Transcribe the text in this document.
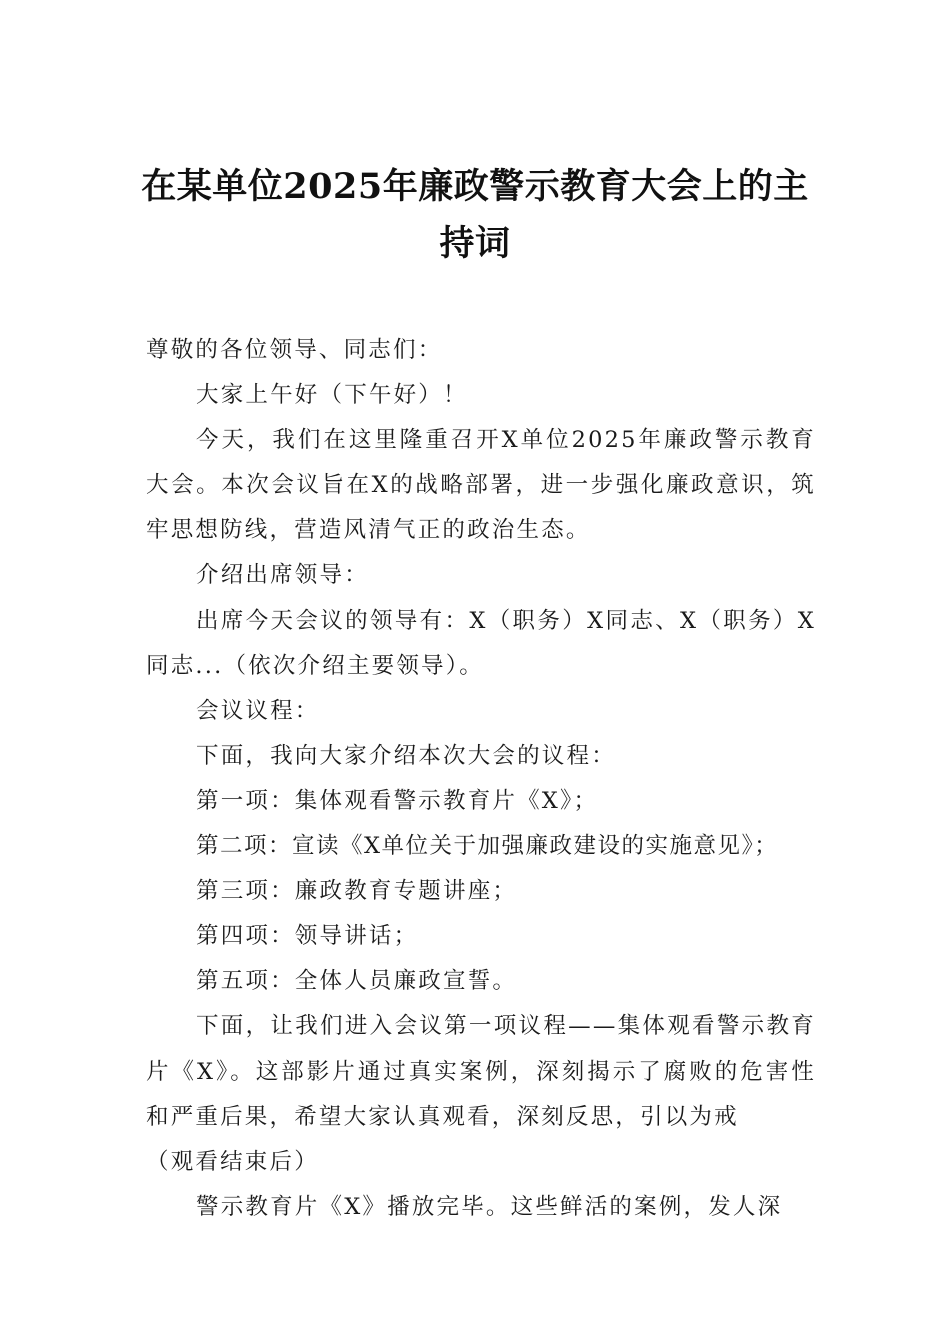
在某单位2025年廉政警示教育大会上的主持词

尊敬的各位领导、同志们：

大家上午好（下午好）！

今天，我们在这里隆重召开X单位2025年廉政警示教育大会。本次会议旨在X的战略部署，进一步强化廉政意识，筑牢思想防线，营造风清气正的政治生态。

介绍出席领导：

出席今天会议的领导有：X（职务）X同志、X（职务）X同志...（依次介绍主要领导）。

会议议程：

下面，我向大家介绍本次大会的议程：

第一项：集体观看警示教育片《X》；

第二项：宣读《X单位关于加强廉政建设的实施意见》；

第三项：廉政教育专题讲座；

第四项：领导讲话；

第五项：全体人员廉政宣誓。

下面，让我们进入会议第一项议程——集体观看警示教育片《X》。这部影片通过真实案例，深刻揭示了腐败的危害性和严重后果，希望大家认真观看，深刻反思，引以为戒

（观看结束后）

警示教育片《X》播放完毕。这些鲜活的案例，发人深
